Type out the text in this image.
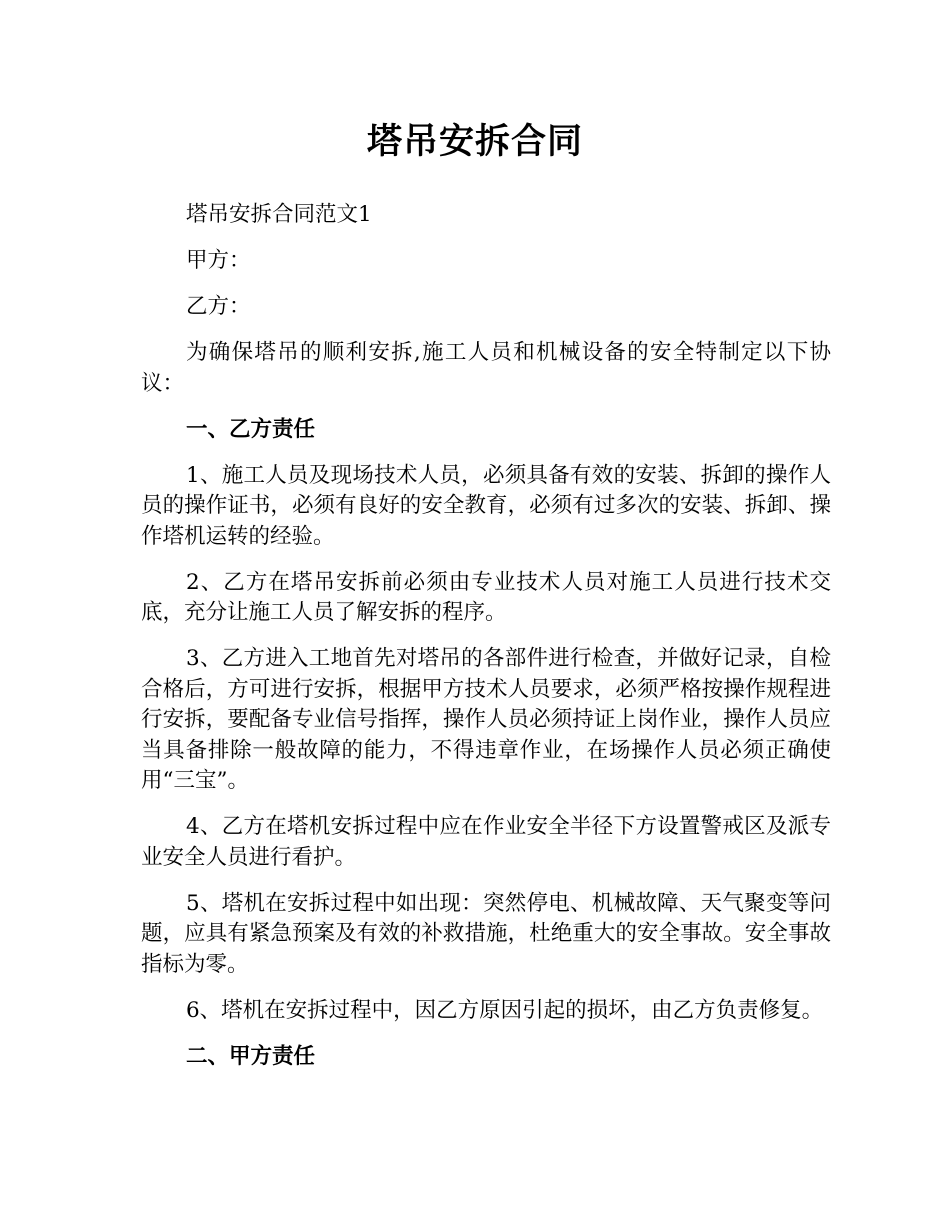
塔吊安拆合同

塔吊安拆合同范文1

甲方：

乙方：

为确保塔吊的顺利安拆,施工人员和机械设备的安全特制定以下协议：

一、乙方责任

1、施工人员及现场技术人员，必须具备有效的安装、拆卸的操作人员的操作证书，必须有良好的安全教育，必须有过多次的安装、拆卸、操作塔机运转的经验。

2、乙方在塔吊安拆前必须由专业技术人员对施工人员进行技术交底，充分让施工人员了解安拆的程序。

3、乙方进入工地首先对塔吊的各部件进行检查，并做好记录，自检合格后，方可进行安拆，根据甲方技术人员要求，必须严格按操作规程进行安拆，要配备专业信号指挥，操作人员必须持证上岗作业，操作人员应当具备排除一般故障的能力，不得违章作业，在场操作人员必须正确使用“三宝”。

4、乙方在塔机安拆过程中应在作业安全半径下方设置警戒区及派专业安全人员进行看护。

5、塔机在安拆过程中如出现：突然停电、机械故障、天气聚变等问题，应具有紧急预案及有效的补救措施，杜绝重大的安全事故。安全事故指标为零。

6、塔机在安拆过程中，因乙方原因引起的损坏，由乙方负责修复。

二、甲方责任
